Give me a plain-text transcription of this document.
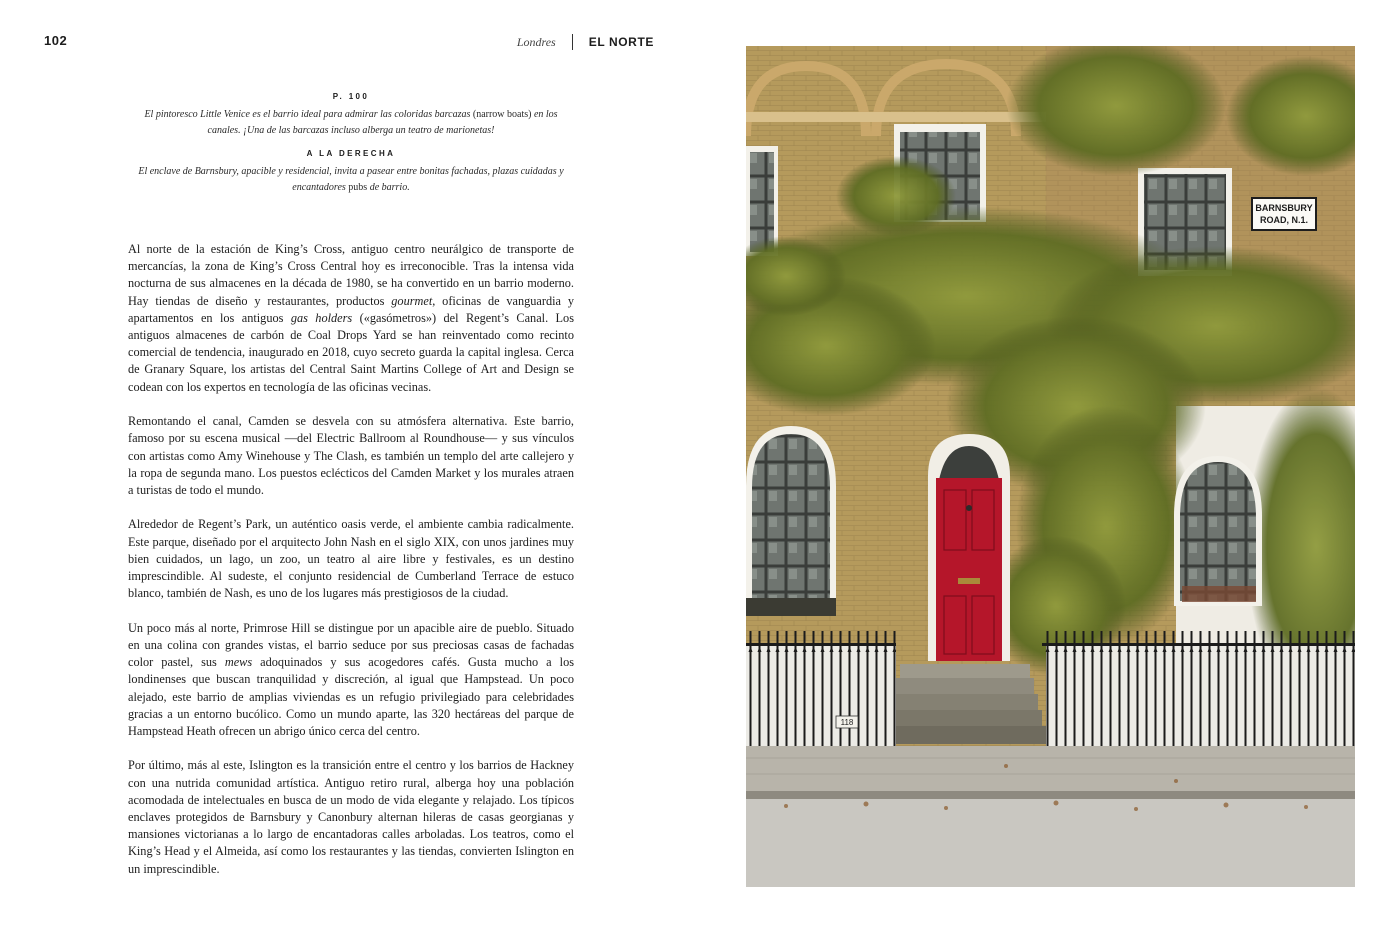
102	Londres	EL NORTE
P. 100
El pintoresco Little Venice es el barrio ideal para admirar las coloridas barcazas (narrow boats) en los canales. ¡Una de las barcazas incluso alberga un teatro de marionetas!
A LA DERECHA
El enclave de Barnsbury, apacible y residencial, invita a pasear entre bonitas fachadas, plazas cuidadas y encantadores pubs de barrio.

Al norte de la estación de King’s Cross, antiguo centro neurálgico de transporte de mercancías, la zona de King’s Cross Central hoy es irreconocible. Tras la intensa vida nocturna de sus almacenes en la década de 1980, se ha convertido en un barrio moderno. Hay tiendas de diseño y restaurantes, productos gourmet, oficinas de vanguardia y apartamentos en los antiguos gas holders («gasómetros») del Regent’s Canal. Los antiguos almacenes de carbón de Coal Drops Yard se han reinventado como recinto comercial de tendencia, inaugurado en 2018, cuyo secreto guarda la capital inglesa. Cerca de Granary Square, los artistas del Central Saint Martins College of Art and Design se codean con los expertos en tecnología de las oficinas vecinas.

Remontando el canal, Camden se desvela con su atmósfera alternativa. Este barrio, famoso por su escena musical —del Electric Ballroom al Roundhouse— y sus vínculos con artistas como Amy Winehouse y The Clash, es también un templo del arte callejero y la ropa de segunda mano. Los puestos eclécticos del Camden Market y los murales atraen a turistas de todo el mundo.

Alrededor de Regent’s Park, un auténtico oasis verde, el ambiente cambia radicalmente. Este parque, diseñado por el arquitecto John Nash en el siglo XIX, con unos jardines muy bien cuidados, un lago, un zoo, un teatro al aire libre y festivales, es un destino imprescindible. Al sudeste, el conjunto residencial de Cumberland Terrace de estuco blanco, también de Nash, es uno de los lugares más prestigiosos de la ciudad.

Un poco más al norte, Primrose Hill se distingue por un apacible aire de pueblo. Situado en una colina con grandes vistas, el barrio seduce por sus preciosas casas de fachadas color pastel, sus mews adoquinados y sus acogedores cafés. Gusta mucho a los londinenses que buscan tranquilidad y discreción, al igual que Hampstead. Un poco alejado, este barrio de amplias viviendas es un refugio privilegiado para celebridades gracias a un entorno bucólico. Como un mundo aparte, las 320 hectáreas del parque de Hampstead Heath ofrecen un abrigo único cerca del centro.

Por último, más al este, Islington es la transición entre el centro y los barrios de Hackney con una nutrida comunidad artística. Antiguo retiro rural, alberga hoy una población acomodada de intelectuales en busca de un modo de vida elegante y relajado. Los típicos enclaves protegidos de Barnsbury y Canonbury alternan hileras de casas georgianas y mansiones victorianas a lo largo de encantadoras calles arboladas. Los teatros, como el King’s Head y el Almeida, así como los restaurantes y las tiendas, convierten Islington en un imprescindible.

BARNSBURY
ROAD, N.1.
118
